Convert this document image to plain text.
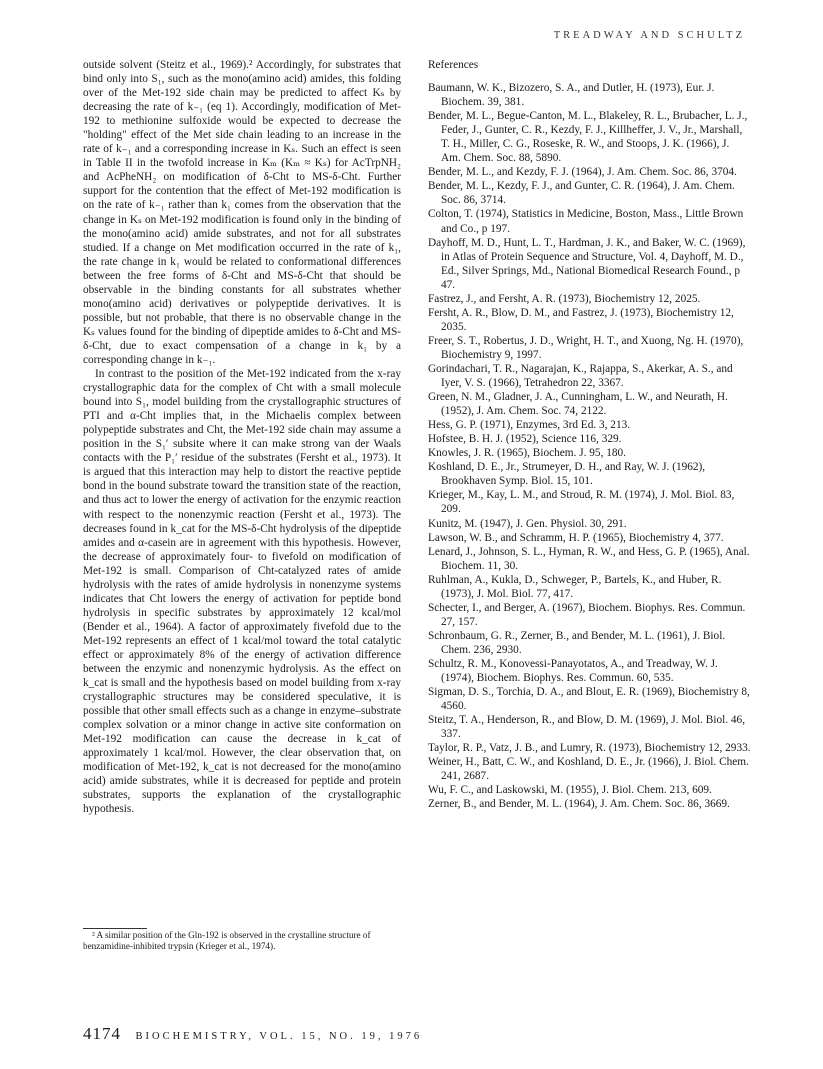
TREADWAY AND SCHULTZ

outside solvent (Steitz et al., 1969).² Accordingly, for substrates that bind only into S₁, such as the mono(amino acid) amides, this folding over of the Met-192 side chain may be predicted to affect Kₛ by decreasing the rate of k₋₁ (eq 1). Accordingly, modification of Met-192 to methionine sulfoxide would be expected to decrease the "holding" effect of the Met side chain leading to an increase in the rate of k₋₁ and a corresponding increase in Kₛ. Such an effect is seen in Table II in the twofold increase in Kₘ (Kₘ ≈ Kₛ) for AcTrpNH₂ and AcPheNH₂ on modification of δ-Cht to MS-δ-Cht. Further support for the contention that the effect of Met-192 modification is on the rate of k₋₁ rather than k₁ comes from the observation that the change in Kₛ on Met-192 modification is found only in the binding of the mono(amino acid) amide substrates, and not for all substrates studied. If a change on Met modification occurred in the rate of k₁, the rate change in k₁ would be related to conformational differences between the free forms of δ-Cht and MS-δ-Cht that should be observable in the binding constants for all substrates whether mono(amino acid) derivatives or polypeptide derivatives. It is possible, but not probable, that there is no observable change in the Kₛ values found for the binding of dipeptide amides to δ-Cht and MS-δ-Cht, due to exact compensation of a change in k₁ by a corresponding change in k₋₁.

In contrast to the position of the Met-192 indicated from the x-ray crystallographic data for the complex of Cht with a small molecule bound into S₁, model building from the crystallographic structures of PTI and α-Cht implies that, in the Michaelis complex between polypeptide substrates and Cht, the Met-192 side chain may assume a position in the S₁′ subsite where it can make strong van der Waals contacts with the P₁′ residue of the substrates (Fersht et al., 1973). It is argued that this interaction may help to distort the reactive peptide bond in the bound substrate toward the transition state of the reaction, and thus act to lower the energy of activation for the enzymic reaction with respect to the nonenzymic reaction (Fersht et al., 1973). The decreases found in k_cat for the MS-δ-Cht hydrolysis of the dipeptide amides and α-casein are in agreement with this hypothesis. However, the decrease of approximately four- to fivefold on modification of Met-192 is small. Comparison of Cht-catalyzed rates of amide hydrolysis with the rates of amide hydrolysis in nonenzyme systems indicates that Cht lowers the energy of activation for peptide bond hydrolysis in specific substrates by approximately 12 kcal/mol (Bender et al., 1964). A factor of approximately fivefold due to the Met-192 represents an effect of 1 kcal/mol toward the total catalytic effect or approximately 8% of the energy of activation difference between the enzymic and nonenzymic hydrolysis. As the effect on k_cat is small and the hypothesis based on model building from x-ray crystallographic structures may be considered speculative, it is possible that other small effects such as a change in enzyme–substrate complex solvation or a minor change in active site conformation on Met-192 modification can cause the decrease in k_cat of approximately 1 kcal/mol. However, the clear observation that, on modification of Met-192, k_cat is not decreased for the mono(amino acid) amide substrates, while it is decreased for peptide and protein substrates, supports the explanation of the crystallographic hypothesis.

² A similar position of the Gln-192 is observed in the crystalline structure of benzamidine-inhibited trypsin (Krieger et al., 1974).

References

Baumann, W. K., Bizozero, S. A., and Dutler, H. (1973), Eur. J. Biochem. 39, 381.
Bender, M. L., Begue-Canton, M. L., Blakeley, R. L., Brubacher, L. J., Feder, J., Gunter, C. R., Kezdy, F. J., Killheffer, J. V., Jr., Marshall, T. H., Miller, C. G., Roseske, R. W., and Stoops, J. K. (1966), J. Am. Chem. Soc. 88, 5890.
Bender, M. L., and Kezdy, F. J. (1964), J. Am. Chem. Soc. 86, 3704.
Bender, M. L., Kezdy, F. J., and Gunter, C. R. (1964), J. Am. Chem. Soc. 86, 3714.
Colton, T. (1974), Statistics in Medicine, Boston, Mass., Little Brown and Co., p 197.
Dayhoff, M. D., Hunt, L. T., Hardman, J. K., and Baker, W. C. (1969), in Atlas of Protein Sequence and Structure, Vol. 4, Dayhoff, M. D., Ed., Silver Springs, Md., National Biomedical Research Found., p 47.
Fastrez, J., and Fersht, A. R. (1973), Biochemistry 12, 2025.
Fersht, A. R., Blow, D. M., and Fastrez, J. (1973), Biochemistry 12, 2035.
Freer, S. T., Robertus, J. D., Wright, H. T., and Xuong, Ng. H. (1970), Biochemistry 9, 1997.
Gorindachari, T. R., Nagarajan, K., Rajappa, S., Akerkar, A. S., and Iyer, V. S. (1966), Tetrahedron 22, 3367.
Green, N. M., Gladner, J. A., Cunningham, L. W., and Neurath, H. (1952), J. Am. Chem. Soc. 74, 2122.
Hess, G. P. (1971), Enzymes, 3rd Ed. 3, 213.
Hofstee, B. H. J. (1952), Science 116, 329.
Knowles, J. R. (1965), Biochem. J. 95, 180.
Koshland, D. E., Jr., Strumeyer, D. H., and Ray, W. J. (1962), Brookhaven Symp. Biol. 15, 101.
Krieger, M., Kay, L. M., and Stroud, R. M. (1974), J. Mol. Biol. 83, 209.
Kunitz, M. (1947), J. Gen. Physiol. 30, 291.
Lawson, W. B., and Schramm, H. P. (1965), Biochemistry 4, 377.
Lenard, J., Johnson, S. L., Hyman, R. W., and Hess, G. P. (1965), Anal. Biochem. 11, 30.
Ruhlman, A., Kukla, D., Schweger, P., Bartels, K., and Huber, R. (1973), J. Mol. Biol. 77, 417.
Schecter, I., and Berger, A. (1967), Biochem. Biophys. Res. Commun. 27, 157.
Schronbaum, G. R., Zerner, B., and Bender, M. L. (1961), J. Biol. Chem. 236, 2930.
Schultz, R. M., Konovessi-Panayotatos, A., and Treadway, W. J. (1974), Biochem. Biophys. Res. Commun. 60, 535.
Sigman, D. S., Torchia, D. A., and Blout, E. R. (1969), Biochemistry 8, 4560.
Steitz, T. A., Henderson, R., and Blow, D. M. (1969), J. Mol. Biol. 46, 337.
Taylor, R. P., Vatz, J. B., and Lumry, R. (1973), Biochemistry 12, 2933.
Weiner, H., Batt, C. W., and Koshland, D. E., Jr. (1966), J. Biol. Chem. 241, 2687.
Wu, F. C., and Laskowski, M. (1955), J. Biol. Chem. 213, 609.
Zerner, B., and Bender, M. L. (1964), J. Am. Chem. Soc. 86, 3669.
4174 BIOCHEMISTRY, VOL. 15, NO. 19, 1976
